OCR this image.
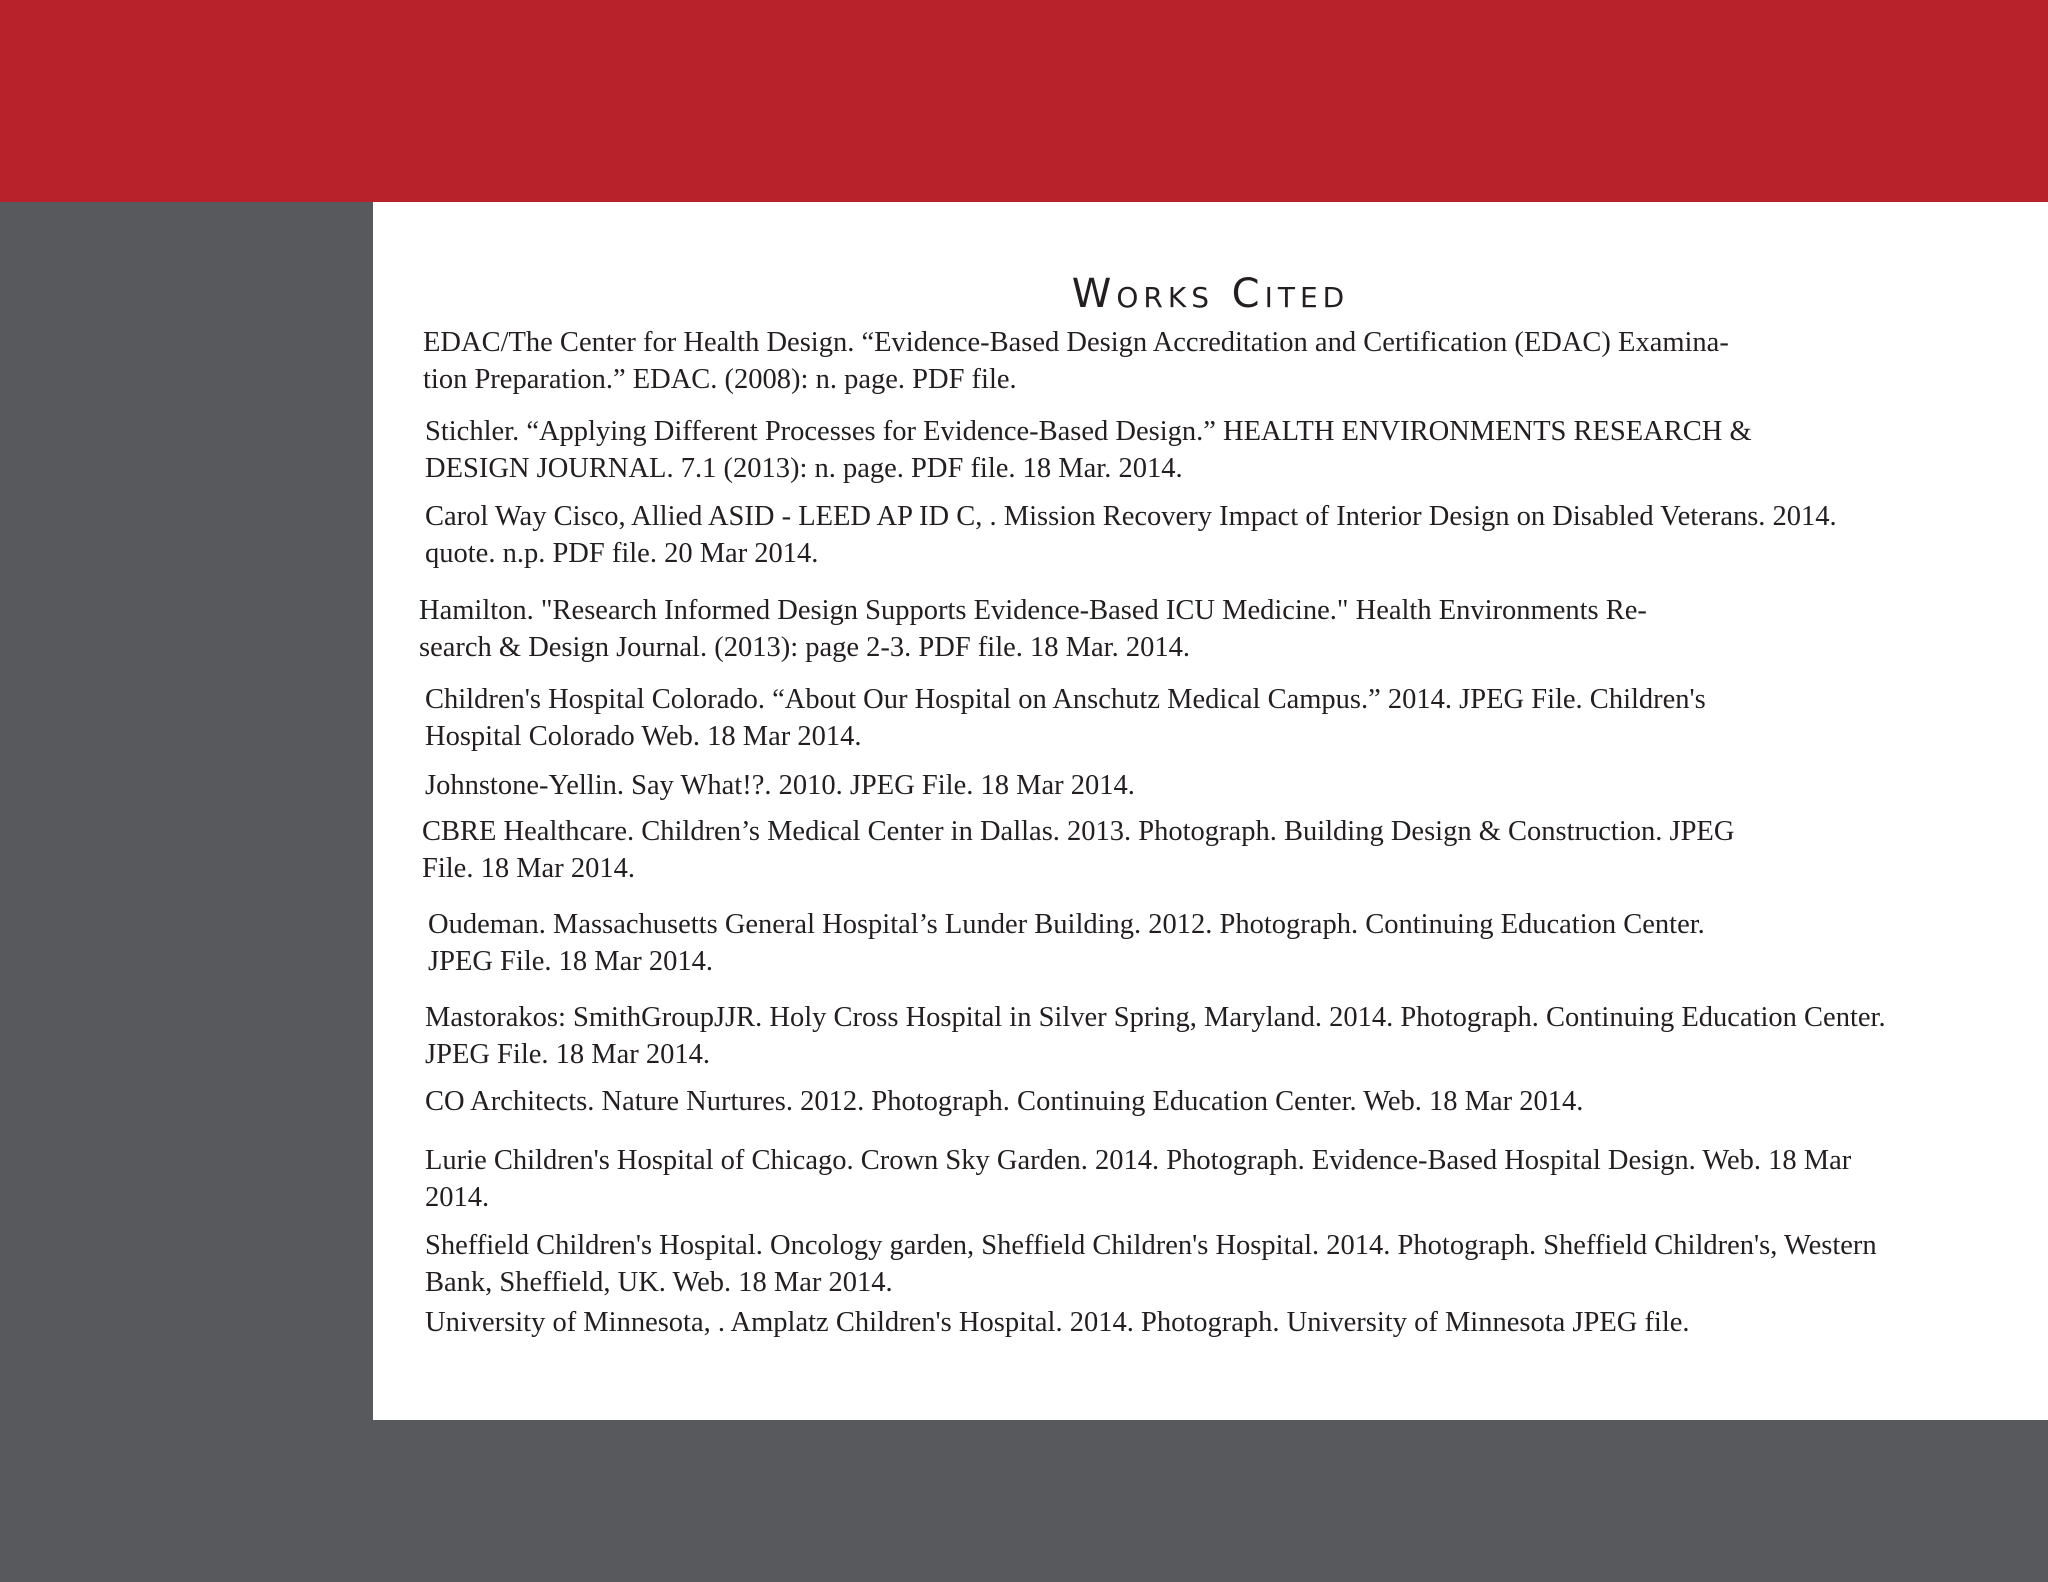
Works Cited

EDAC/The Center for Health Design. “Evidence-Based Design Accreditation and Certification (EDAC) Examina-
tion Preparation.” EDAC. (2008): n. page. PDF file.

Stichler. “Applying Different Processes for Evidence-Based Design.” HEALTH ENVIRONMENTS RESEARCH &
DESIGN JOURNAL. 7.1 (2013): n. page. PDF file. 18 Mar. 2014.

Carol Way Cisco, Allied ASID - LEED AP ID C, . Mission Recovery Impact of Interior Design on Disabled Veterans. 2014.
quote. n.p. PDF file. 20 Mar 2014.

Hamilton. "Research Informed Design Supports Evidence-Based ICU Medicine." Health Environments Re-
search & Design Journal. (2013): page 2-3. PDF file. 18 Mar. 2014.

Children's Hospital Colorado. “About Our Hospital on Anschutz Medical Campus.” 2014. JPEG File. Children's
Hospital Colorado Web. 18 Mar 2014.

Johnstone-Yellin. Say What!?. 2010. JPEG File. 18 Mar 2014.

CBRE Healthcare. Children’s Medical Center in Dallas. 2013. Photograph. Building Design & Construction. JPEG
File. 18 Mar 2014.

Oudeman. Massachusetts General Hospital’s Lunder Building. 2012. Photograph. Continuing Education Center.
JPEG File. 18 Mar 2014.

Mastorakos: SmithGroupJJR. Holy Cross Hospital in Silver Spring, Maryland. 2014. Photograph. Continuing Education Center.
JPEG File. 18 Mar 2014.

CO Architects. Nature Nurtures. 2012. Photograph. Continuing Education Center. Web. 18 Mar 2014.

Lurie Children's Hospital of Chicago. Crown Sky Garden. 2014. Photograph. Evidence-Based Hospital Design. Web. 18 Mar
2014.

Sheffield Children's Hospital. Oncology garden, Sheffield Children's Hospital. 2014. Photograph. Sheffield Children's, Western
Bank, Sheffield, UK. Web. 18 Mar 2014.

University of Minnesota, . Amplatz Children's Hospital. 2014. Photograph. University of Minnesota JPEG file.
